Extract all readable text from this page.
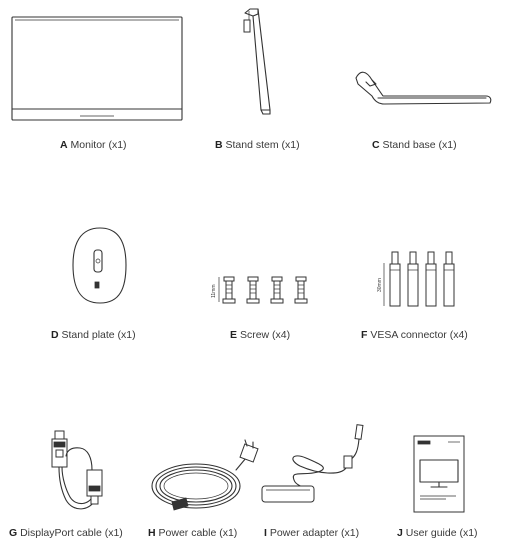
A Monitor (x1)	B Stand stem (x1)	C Stand base (x1)
D Stand plate (x1)
11mm
E Screw (x4)
30mm
F VESA connector (x4)
G DisplayPort cable (x1) H Power cable (x1)	I Power adapter (x1)	J User guide (x1)
